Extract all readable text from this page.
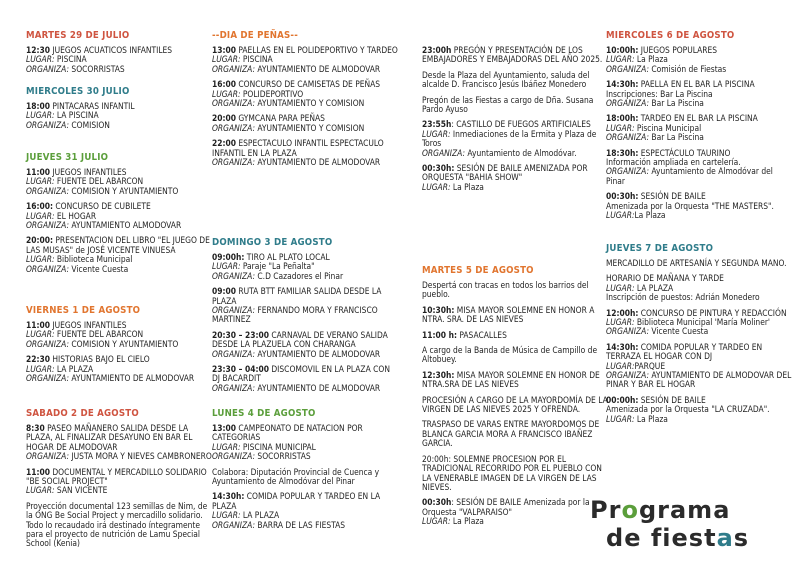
MARTES 29 DE JULIO
12:30 JUEGOS ACUATICOS INFANTILES
LUGAR: PISCINA
ORGANIZA: SOCORRISTAS
MIERCOLES 30 JULIO
18:00 PINTACARAS INFANTIL
LUGAR: LA PISCINA
ORGANIZA: COMISION
JUEVES 31 JULIO
11:00 JUEGOS INFANTILES
LUGAR: FUENTE DEL ABARCON
ORGANIZA: COMISION Y AYUNTAMIENTO
16:00: CONCURSO DE CUBILETE
LUGAR: EL HOGAR
ORGANIZA: AYUNTAMIENTO ALMODOVAR
20:00: PRESENTACION DEL LIBRO "EL JUEGO DE LAS MUSAS" de JOSÉ VICENTE VINUESA
LUGAR: Biblioteca Municipal
ORGANIZA: Vicente Cuesta
VIERNES 1 DE AGOSTO
11:00 JUEGOS INFANTILES
LUGAR: FUENTE DEL ABARCON
ORGANIZA: COMISION Y AYUNTAMIENTO
22:30 HISTORIAS BAJO EL CIELO
LUGAR: LA PLAZA
ORGANIZA: AYUNTAMIENTO DE ALMODOVAR
SABADO 2 DE AGOSTO
8:30 PASEO MAÑANERO SALIDA DESDE LA PLAZA, AL FINALIZAR DESAYUNO EN BAR EL HOGAR DE ALMODOVAR
ORGANIZA: JUSTA MORA Y NIEVES CAMBRONERO
11:00 DOCUMENTAL Y MERCADILLO SOLIDARIO "BE SOCIAL PROJECT"
LUGAR: SAN VICENTE
Proyección documental 123 semillas de Nim, de la ONG Be Social Project y mercadillo solidario. Todo lo recaudado irá destinado íntegramente para el proyecto de nutrición de Lamu Special School (Kenia)
--DIA DE PEÑAS--
13:00 PAELLAS EN EL POLIDEPORTIVO Y TARDEO
LUGAR: PISCINA
ORGANIZA: AYUNTAMIENTO DE ALMODOVAR
16:00 CONCURSO DE CAMISETAS DE PEÑAS
LUGAR: POLIDEPORTIVO
ORGANIZA: AYUNTAMIENTO Y COMISION
20:00 GYMCANA PARA PEÑAS
ORGANIZA: AYUNTAMIENTO Y COMISION
22:00 ESPECTACULO INFANTIL ESPECTACULO INFANTIL EN LA PLAZA
ORGANIZA: AYUNTAMIENTO DE ALMODOVAR
DOMINGO 3 DE AGOSTO
09:00h: TIRO AL PLATO LOCAL
LUGAR: Paraje "La Peñalta"
ORGANIZA: C.D Cazadores el Pinar
09:00 RUTA BTT FAMILIAR SALIDA DESDE LA PLAZA
ORGANIZA: FERNANDO MORA Y FRANCISCO MARTINEZ
20:30 – 23:00 CARNAVAL DE VERANO SALIDA DESDE LA PLAZUELA CON CHARANGA
ORGANIZA: AYUNTAMIENTO DE ALMODOVAR
23:30 – 04:00 DISCOMOVIL EN LA PLAZA CON DJ BACARDIT
ORGANIZA: AYUNTAMIENTO DE ALMODOVAR
LUNES 4 DE AGOSTO
13:00 CAMPEONATO DE NATACION POR CATEGORIAS
LUGAR: PISCINA MUNICIPAL
ORGANIZA: SOCORRISTAS
Colabora: Diputación Provincial de Cuenca y Ayuntamiento de Almodóvar del Pinar
14:30h: COMIDA POPULAR Y TARDEO EN LA PLAZA
LUGAR: LA PLAZA
ORGANIZA: BARRA DE LAS FIESTAS
23:00h PREGÓN Y PRESENTACIÓN DE LOS EMBAJADORES Y EMBAJADORAS DEL AÑO 2025.
Desde la Plaza del Ayuntamiento, saluda del alcalde D. Francisco Jesús Ibáñez Monedero
Pregón de las Fiestas a cargo de Dña. Susana Pardo Ayuso
23:55h: CASTILLO DE FUEGOS ARTIFICIALES
LUGAR: Inmediaciones de la Ermita y Plaza de Toros
ORGANIZA: Ayuntamiento de Almodóvar.
00:30h: SESIÓN DE BAILE AMENIZADA POR ORQUESTA "BAHIA SHOW"
LUGAR: La Plaza
MARTES 5 DE AGOSTO
Despertá con tracas en todos los barrios del pueblo.
10:30h: MISA MAYOR SOLEMNE EN HONOR A NTRA. SRA. DE LAS NIEVES
11:00 h: PASACALLES
A cargo de la Banda de Música de Campillo de Altobuey.
12:30h: MISA MAYOR SOLEMNE EN HONOR DE NTRA.SRA DE LAS NIEVES
PROCESIÓN A CARGO DE LA MAYORDOMÍA DE LA VIRGEN DE LAS NIEVES 2025 Y OFRENDA.
TRASPASO DE VARAS ENTRE MAYORDOMOS DE BLANCA GARCIA MORA A FRANCISCO IBAÑEZ GARCIA.
20:00h: SOLEMNE PROCESION POR EL TRADICIONAL RECORRIDO POR EL PUEBLO CON LA VENERABLE IMAGEN DE LA VIRGEN DE LAS NIEVES.
00:30h: SESIÓN DE BAILE Amenizada por la Orquesta "VALPARAISO"
LUGAR: La Plaza
MIERCOLES 6 DE AGOSTO
10:00h: JUEGOS POPULARES
LUGAR: La Plaza
ORGANIZA: Comisión de Fiestas
14:30h: PAELLA EN EL BAR LA PISCINA
Inscripciones: Bar La Piscina
ORGANIZA: Bar La Piscina
18:00h: TARDEO EN EL BAR LA PISCINA
LUGAR: Piscina Municipal
ORGANIZA: Bar La Piscina
18:30h: ESPECTÁCULO TAURINO
Información ampliada en cartelería.
ORGANIZA: Ayuntamiento de Almodóvar del Pinar
00:30h: SESIÓN DE BAILE
Amenizada por la Orquesta "THE MASTERS".
LUGAR:La Plaza
JUEVES 7 DE AGOSTO
MERCADILLO DE ARTESANÍA Y SEGUNDA MANO.
HORARIO DE MAÑANA Y TARDE
LUGAR: LA PLAZA
Inscripción de puestos: Adrián Monedero
12:00h: CONCURSO DE PINTURA Y REDACCIÓN
LUGAR: Biblioteca Municipal 'María Moliner'
ORGANIZA: Vicente Cuesta
14:30h: COMIDA POPULAR Y TARDEO EN TERRAZA EL HOGAR CON DJ
LUGAR:PARQUE
ORGANIZA: AYUNTAMIENTO DE ALMODOVAR DEL PINAR Y BAR EL HOGAR
00:00h: SESIÓN DE BAILE
Amenizada por la Orquesta "LA CRUZADA".
LUGAR: La Plaza
Programa
de fiestas
